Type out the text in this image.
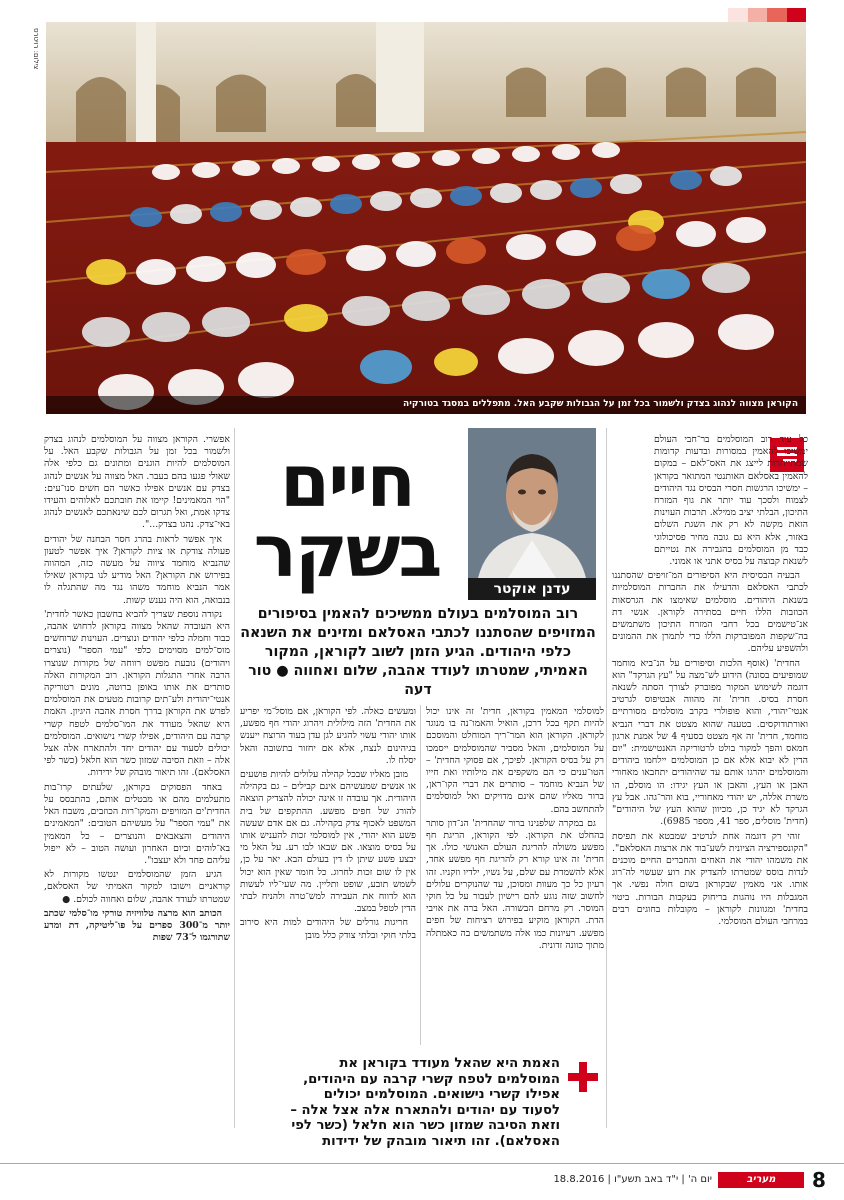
צילום: רויטרס
הקוראן מצווה לנהוג בצדק ולשמור בכל זמן על הגבולות שקבע האל. מתפללים במסגד בטורקיה

כל עוד רוב המוסלמים בר־חבי העולם ימשיכו להאמין במסורות ובדעות קדומות שמתייחרות לייצג את האס־לאם – במקום להאמין באסלאם האותנטי המתואר בקוראן – ימשיכו הרגשות חסרי הבסיס נגד היהודים לצמוח ולסכך עוד יותר את גוף המזרח התיכון, הבלתי יציב ממילא. תרבות העוינות הזאת מקשה לא רק את השגת השלום באזור, אלא היא גם גובה מחיר פסיכולוגי כבד מן המוסלמים בהגבירה את נטייתם לשנאת קבוצה על בסיס אתני או אמוני.

הבעיה הבסיסית היא הסיפורים המ־זויפים שהסתננו לכתבי האסלאם והדעילו את החברות המוסלמיות בשנאת היהודים. מוסלמים שאימצו את הגרסאות הכוזבות הללו חיים בסתירה לקוראן. אנשי דת אנ־טישמים בכל רחבי המזרח התיכון משתמשים בה־שקפות המפוברקות הללו כדי לתמרן את ההמונים ולהשפיע עליהם.

החדית' (אוסף הלכות וסיפורים על הנ־ביא מוחמד שמופיעים בסונה) הידוע לש־מצה על "עץ הגרקד" הוא דוגמה לשימוש המקור מפוברק לצורך הסתה לשנאה חסרת בסיס. חדית' זה מהווה אבטיפוס לגרטיב אנטי־יהודי, והוא פופולרי בקרב מוסלמים מסורתיים ואורתודוקסים. בטענה שהוא מצטט את דברי הנביא מוחמד, חדית' זה אף מצטט בסעיף 4 של אמנת ארגון חמאס והפך למקור בולט לרטוריקה האנטישמית: "יום הדין לא יבוא אלא אם כן המוסלמים יילחמו ביהודים והמוסלמים יהרגו אותם עד שהיהודים יתחבאו מאחורי האבן או העץ, והאבן או העץ יגידו: הו מוסלם, הו משרת אללה, יש יהודי מאחוריי, בוא והר־גהו. אבל עץ הגרקד לא יגיד כן, מכיוון שהוא העץ של היהודים" (חדית' מוסלים, ספר 41, מספר 6985).

זוהי רק דוגמה אחת לנרטיב שמבטא את תפיסת "הקונספירציה הציונית לשע־בוד את ארצות האסלאם". את משמהו יהודי את האחים והחברים החיים מוכנים לנדות בוסס שמטרתו להצדיק את רוע שעשוי לה־רוג אותו. אני מאמין שבקוראן בשום חולה נפשי. אך המגבלות היו נוהגות בריחוק בעקבות הבורות. ביטוי בחדית' ומגוונות לקוראן – מקובלות בחוגים רבים במרחבי העולם המוסלמי.

עדנן אוקטר
חיים
בשקר
רוב המוסלמים בעולם ממשיכים להאמין בסיפורים המזויפים שהסתננו לכתבי האסלאם ומזינים את השנאה כלפי היהודים. הגיע הזמן לשוב לקוראן, המקור האמיתי, שמטרתו לעודד אהבה, שלום ואחווה ● טור דעה

למוסלמי המאמין בקוראן, חדית' זה אינו יכול להיות תקף בכל דרכן, הואיל והאמו־נה בו מנוגד לקוראן. הקוראן הוא המר־ריך המוחלט והמוסכם על המוסלמים, והאל מסביר שהמוסלמים ייסמכו רק על בסיס הקוראן. לפיכך, אם פסוקי החדית' – הטו־ענים כי הם משקפים את מילותיו ואת חייו של הנביא מוחמד – סותרים את דברי הקו־ראן, ברור מאליו שהם אינם מדויקים ואל למוסלמים להתחשב בהם.

גם במקרה שלפנינו ברור שהחדית' הנ־דון סותר בהחלט את הקוראן. לפי הקוראן, הריגת חף מפשע משולה להריגת העולם האנושי כולו. אך חדית' זה אינו קורא רק להריגת חף מפשע אחד, אלא להשמדת עם שלם, על נשיו, ילדיו וזקניו. זהו רעיון כל כך מעוות ומסוכן, עד שהנוקרים עלולים לחשוב שזה נוגע להם רישיון לעבור על כל חוקי המוסר. רק מרחם הבשורה. האל ברה את אויבי הדת. הקוראן מוקיע בפירוש רציחות של חפים מפשע. רעיונות כמו אלה משתמשים בה כאמתלה מתוך כוונה זדונית.

ומעשים כאלה. לפי הקוראן, אם מוסל־מי יפריע את החדית' הזה מילולית ויהרוג יהודי חף מפשע, אותו יהודי עשוי להגיע לגן עדן בעוד הרוצח ייענש בגיהינום לנצח, אלא אם יחזור בתשובה והאל יסלח לו.

מובן מאליו שבכל קהילה עלולים להיות פושעים או אנשים שמעשיהם אינם קבילים – גם בקהילה היהודית. אך עובדה זו אינה יכולה להצדיק הוצאה להורג של חפים מפשע. ההתקפים של בית המשפט לאכוף צדק בקהילה. גם אם אדם שעשה פשע הוא יהודי, אין למוסלמי זכות להעניש אותו על בסיס מוצאו. אם שבאו לבו רע. על האל מי יבצע פשע שיתן לו דין בעולם הבא. יאר על כן, אין לו שום זכות לחרוג. כל חומר שאין הוא יכול לשמש תובע, שופט ותליין. מה שעי־ליו לעשות הוא לדווח את העבירה למש־טרה ולהניח לבתי הדין לטפל במצב.

חריגות גורלים של היהודים למות היא סירוב בלתי חוקי ובלתי צודק כלל מובן

אפשרי. הקוראן מצווה על המוסלמים לנהוג בצדק ולשמור בכל זמן על הגבולות שקבע האל. על המוסלמים להיות הוגנים ומתונים גם כלפי אלה שאולי פגעו בהם בעבר. האל מצווה על אנשים לנהוג בצדק עם אנשים אפילו כאשר הם חשים סנו־עים: "הוי המאמינים! קיימו את חובתכם לאלוהים והעידו צדקו אמת, ואל תגרום לכם שינאתכם לאנשים לנהוג באי־צדק. נהגו בצדק...".

איך אפשר לראות בהרג חסר הבחנה של יהודים פעולה צודקת או ציות לקוראן? איך אפשר לטעון שהנביא מוחמד ציווה על מעשה כזה, המהווה בפירוש את הקוראן? האל מודיע לנו בקוראן שאילו אמר הנביא מוחמד משהו נגד מה שהתגלה לו בנבואה, הוא היה נענש קשות.

נקודה נוספת שצריך להביא בחשבון כאשר לחדית' היא העובדה שהאל מצווה בקוראן לרחוש אהבה, כבוד וחמלה כלפי יהודים ונוצרים. העוינות שרוחשים מוס־למים מסוימים כלפי "עמי הספר" (נוצרים ויהודים) נובעת מפשט רווחה של מקורות שנוצרו הרבה אחרי התגלות הקוראן. רוב המקורות האלה סותרים את אותו באופן ברוטה, מונים רטוריקה אנטי־יהודית ולע־תים קרובות מטעים את המוסלמים לפרש את הקוראן בדרך חסרת אהבה היגיון. האמת היא שהאל מעודד את המו־סלמים לטפח קשרי קרבה עם היהודים, אפילו קשרי נישואים. המוסלמים יכולים לסעוד עם יהודים יחד ולהתארח אלה אצל אלה – וזאת הסיבה שמזון כשר הוא חלאל (כשר לפי האסלאם). זהו תיאור מובהק של ידידות.

באחד הפסוקים בקוראן, שלעתים קרו־בות מתעלמים מהם או מבטלים אותם, בהתבסס על החדית'ים המזויפים והמקו־רות הכוזבים, משבח האל את "עמי הספר" על מעשיהם הטובים: "המאמינים היהודים והצאבאים והנוצרים – כל המאמין בא־לוהים וביום האחרון ועושה הטוב – לא ייפול עליהם פחד ולא יעצבו".

הגיע הזמן שהמוסלמים ינטשו מקורות לא קוראניים וישובו למקור האמיתי של האסלאם, שמטרתו לעודד אהבה, שלום ואחווה לכולם. ●

הכותב הוא מרצה טלוויזיה טורקי מו־סלמי שכתב יותר מ־300 ספרים על פו־ליטיקה, דת ומדע שתורגמו ל־73 שפות

האמת היא שהאל מעודד בקוראן את המוסלמים לטפח קשרי קרבה עם היהודים, אפילו קשרי נישואים. המוסלמים יכולים לסעוד עם יהודים ולהתארח אלה אצל אלה – וזאת הסיבה שמזון כשר הוא חלאל (כשר לפי האסלאם). זהו תיאור מובהק של ידידות
8
מעריב
יום ה' | י"ד באב תשע"ו | 18.8.2016
